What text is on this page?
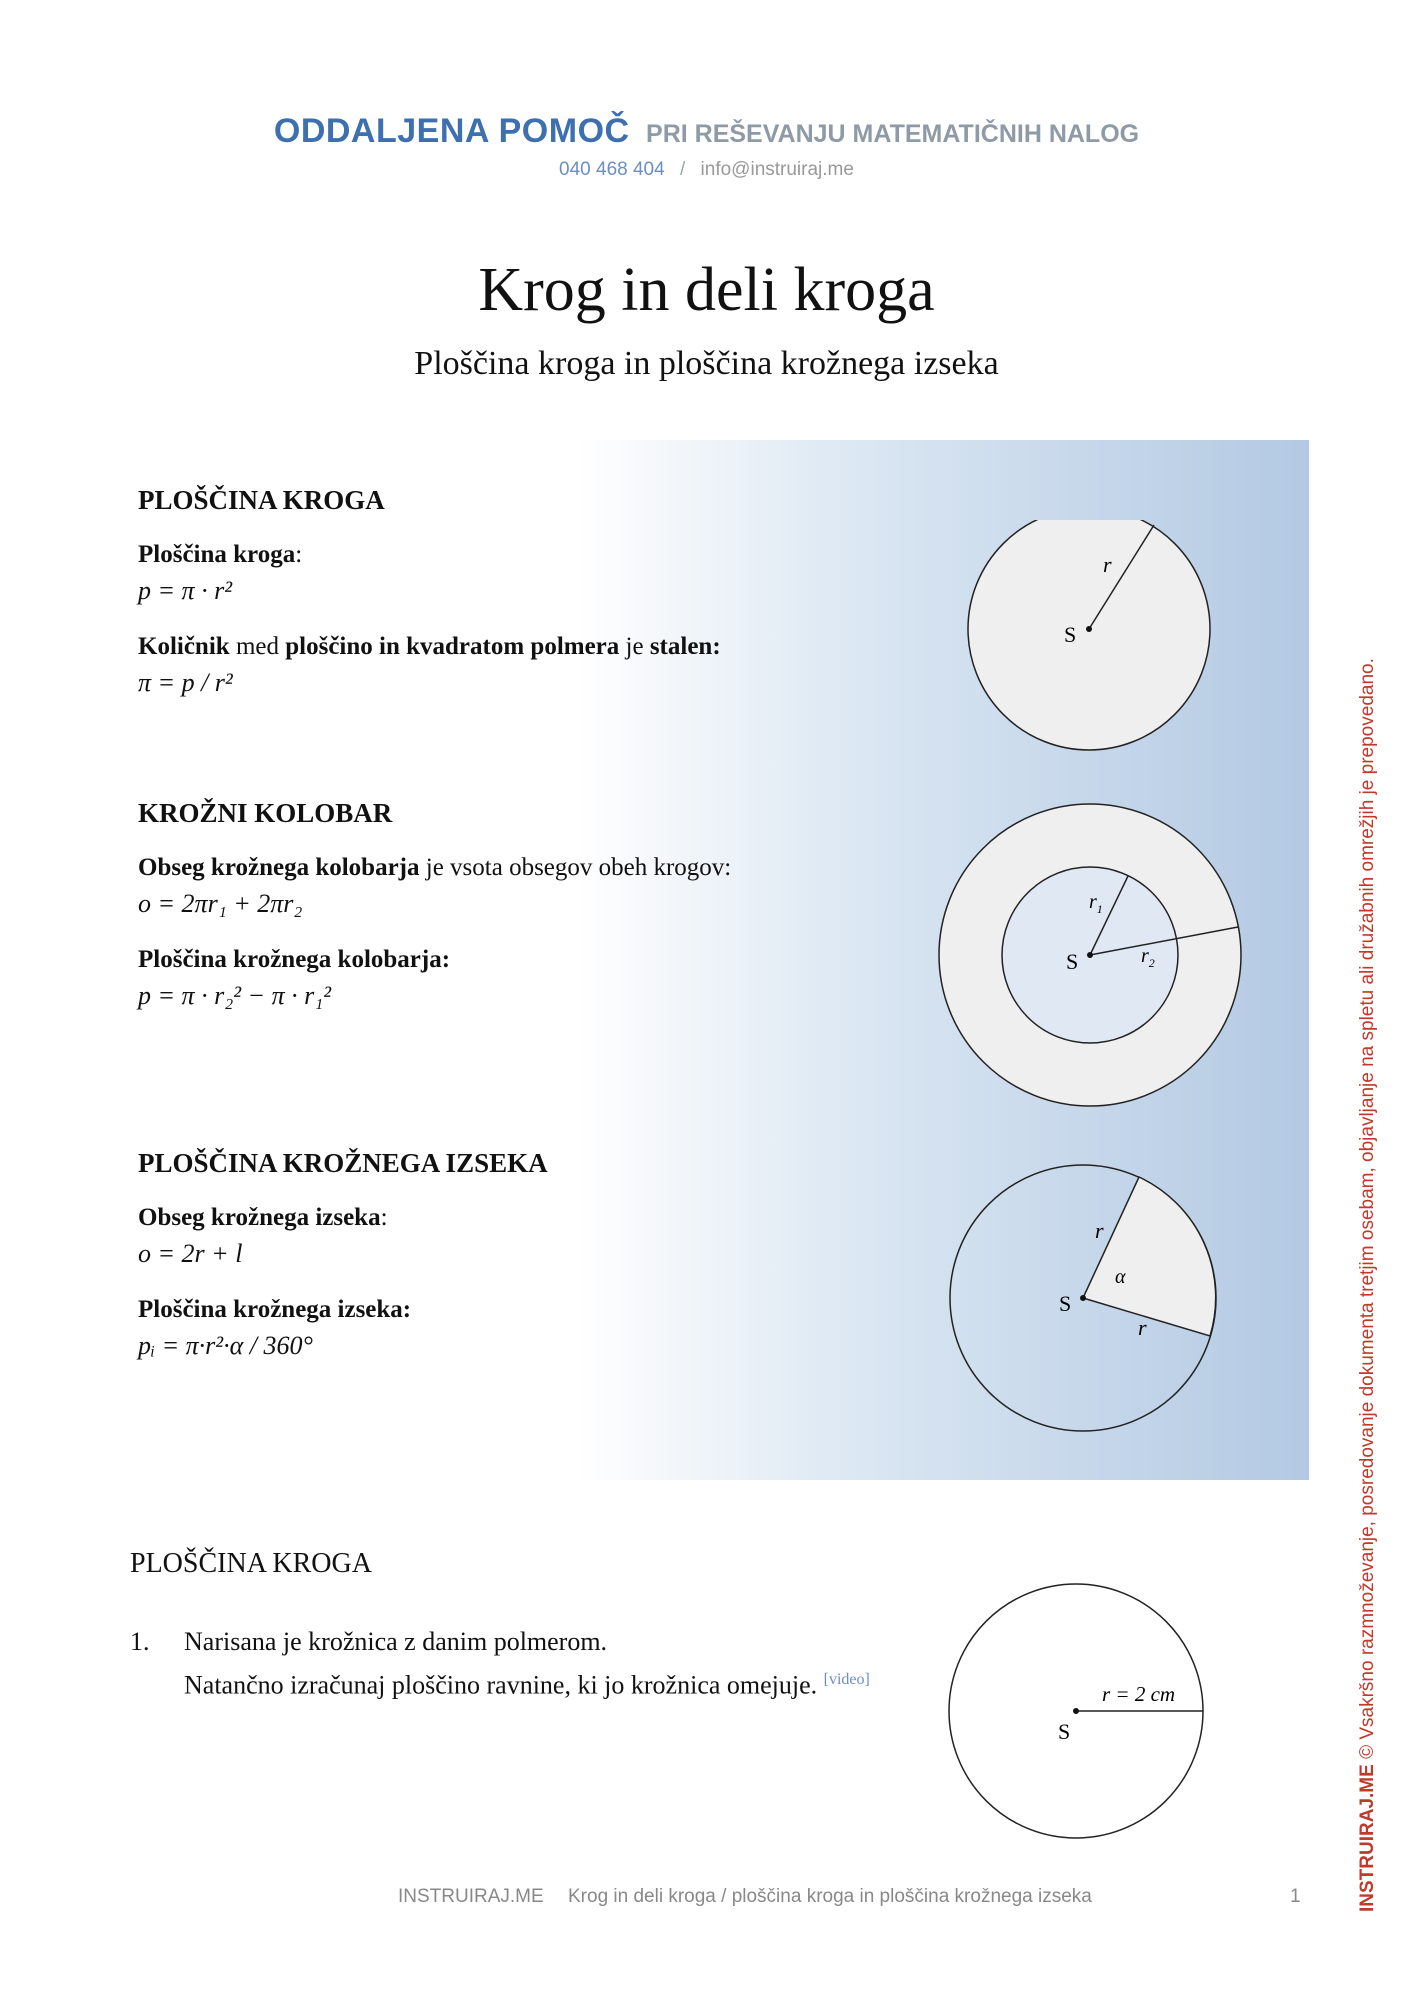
ODDALJENA POMOČ PRI REŠEVANJU MATEMATIČNIH NALOG
040 468 404 / info@instruiraj.me
Krog in deli kroga
Ploščina kroga in ploščina krožnega izseka
PLOŠČINA KROGA
Ploščina kroga:
p = π · r²
Količnik med ploščino in kvadratom polmera je stalen:
π = p / r²
KROŽNI KOLOBAR
Obseg krožnega kolobarja je vsota obsegov obeh krogov:
o = 2πr₁ + 2πr₂
Ploščina krožnega kolobarja:
p = π · r₂² − π · r₁²
PLOŠČINA KROŽNEGA IZSEKA
Obseg krožnega izseka:
o = 2r + l
Ploščina krožnega izseka:
pᵢ = π·r²·α / 360°
S
r
S
$r_1$
$r_2$
S
r
α
r
PLOŠČINA KROGA
1. Narisana je krožnica z danim polmerom.
Natančno izračunaj ploščino ravnine, ki jo krožnica omejuje. [video]
S
r = 2 cm
INSTRUIRAJ.ME Krog in deli kroga / ploščina kroga in ploščina krožnega izseka	1	INSTRUIRAJ.ME © Vsakršno razmnoževanje, posredovanje dokumenta tretjim osebam, objavljanje na spletu ali družabnih omrežjih je prepovedano.
